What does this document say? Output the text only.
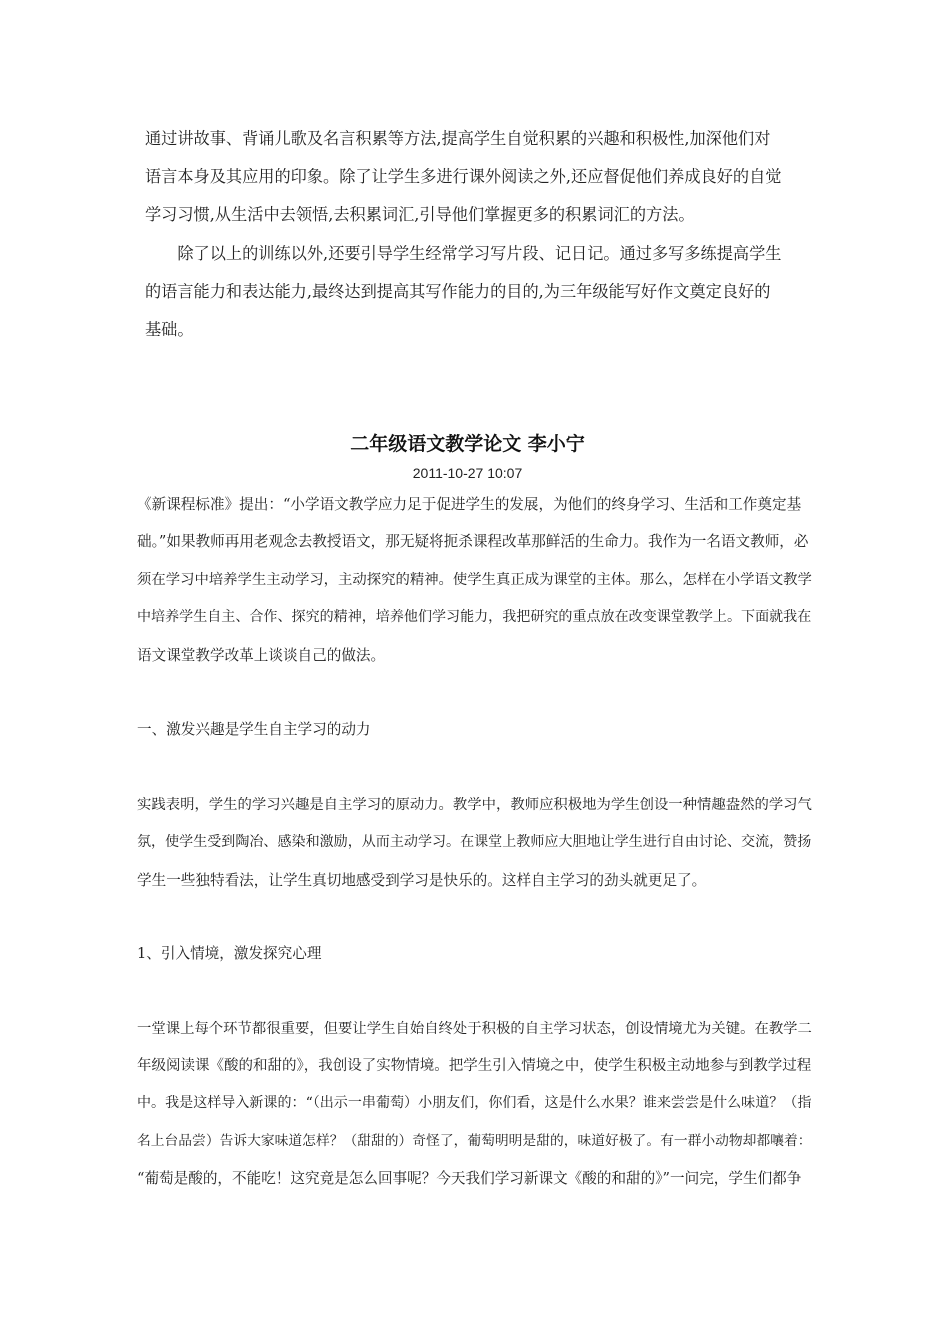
通过讲故事、背诵儿歌及名言积累等方法,提高学生自觉积累的兴趣和积极性,加深他们对
语言本身及其应用的印象。除了让学生多进行课外阅读之外,还应督促他们养成良好的自觉
学习习惯,从生活中去领悟,去积累词汇,引导他们掌握更多的积累词汇的方法。
　　除了以上的训练以外,还要引导学生经常学习写片段、记日记。通过多写多练提高学生
的语言能力和表达能力,最终达到提高其写作能力的目的,为三年级能写好作文奠定良好的
基础。
二年级语文教学论文 李小宁
2011-10-27 10:07
《新课程标准》提出：“小学语文教学应力足于促进学生的发展，为他们的终身学习、生活和工作奠定基
础。”如果教师再用老观念去教授语文，那无疑将扼杀课程改革那鲜活的生命力。我作为一名语文教师，必
须在学习中培养学生主动学习，主动探究的精神。使学生真正成为课堂的主体。那么，怎样在小学语文教学
中培养学生自主、合作、探究的精神，培养他们学习能力，我把研究的重点放在改变课堂教学上。下面就我在
语文课堂教学改革上谈谈自己的做法。
一、激发兴趣是学生自主学习的动力
实践表明，学生的学习兴趣是自主学习的原动力。教学中，教师应积极地为学生创设一种情趣盎然的学习气
氛，使学生受到陶冶、感染和激励，从而主动学习。在课堂上教师应大胆地让学生进行自由讨论、交流，赞扬
学生一些独特看法，让学生真切地感受到学习是快乐的。这样自主学习的劲头就更足了。
1、引入情境，激发探究心理
一堂课上每个环节都很重要，但要让学生自始自终处于积极的自主学习状态，创设情境尤为关键。在教学二
年级阅读课《酸的和甜的》，我创设了实物情境。把学生引入情境之中，使学生积极主动地参与到教学过程
中。我是这样导入新课的：“（出示一串葡萄）小朋友们，你们看，这是什么水果？谁来尝尝是什么味道？（指
名上台品尝）告诉大家味道怎样？（甜甜的）奇怪了，葡萄明明是甜的，味道好极了。有一群小动物却都嚷着：
“葡萄是酸的，不能吃！这究竟是怎么回事呢？今天我们学习新课文《酸的和甜的》”一问完，学生们都争
